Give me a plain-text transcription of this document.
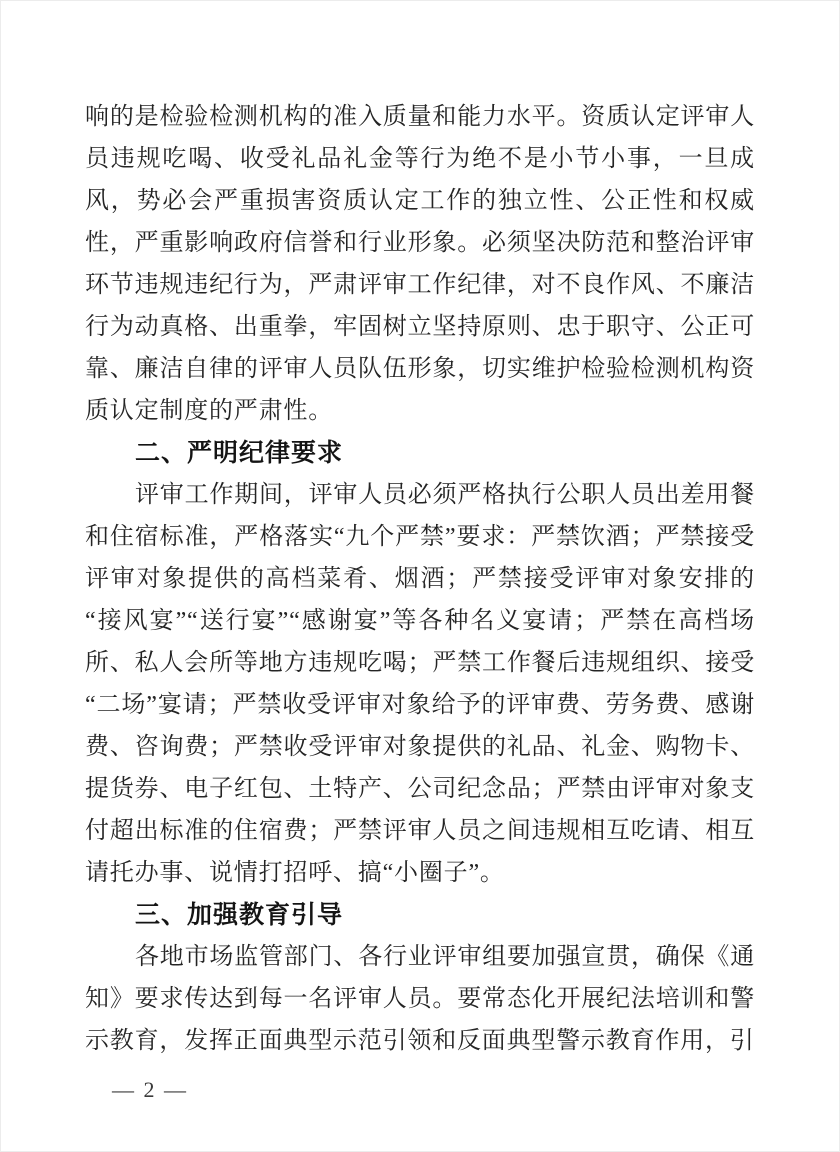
响的是检验检测机构的准入质量和能力水平。资质认定评审人员违规吃喝、收受礼品礼金等行为绝不是小节小事，一旦成风，势必会严重损害资质认定工作的独立性、公正性和权威性，严重影响政府信誉和行业形象。必须坚决防范和整治评审环节违规违纪行为，严肃评审工作纪律，对不良作风、不廉洁行为动真格、出重拳，牢固树立坚持原则、忠于职守、公正可靠、廉洁自律的评审人员队伍形象，切实维护检验检测机构资质认定制度的严肃性。
二、严明纪律要求
评审工作期间，评审人员必须严格执行公职人员出差用餐和住宿标准，严格落实“九个严禁”要求：严禁饮酒；严禁接受评审对象提供的高档菜肴、烟酒；严禁接受评审对象安排的“接风宴”“送行宴”“感谢宴”等各种名义宴请；严禁在高档场所、私人会所等地方违规吃喝；严禁工作餐后违规组织、接受“二场”宴请；严禁收受评审对象给予的评审费、劳务费、感谢费、咨询费；严禁收受评审对象提供的礼品、礼金、购物卡、提货券、电子红包、土特产、公司纪念品；严禁由评审对象支付超出标准的住宿费；严禁评审人员之间违规相互吃请、相互请托办事、说情打招呼、搞“小圈子”。
三、加强教育引导
各地市场监管部门、各行业评审组要加强宣贯，确保《通知》要求传达到每一名评审人员。要常态化开展纪法培训和警示教育，发挥正面典型示范引领和反面典型警示教育作用，引
— 2 —
